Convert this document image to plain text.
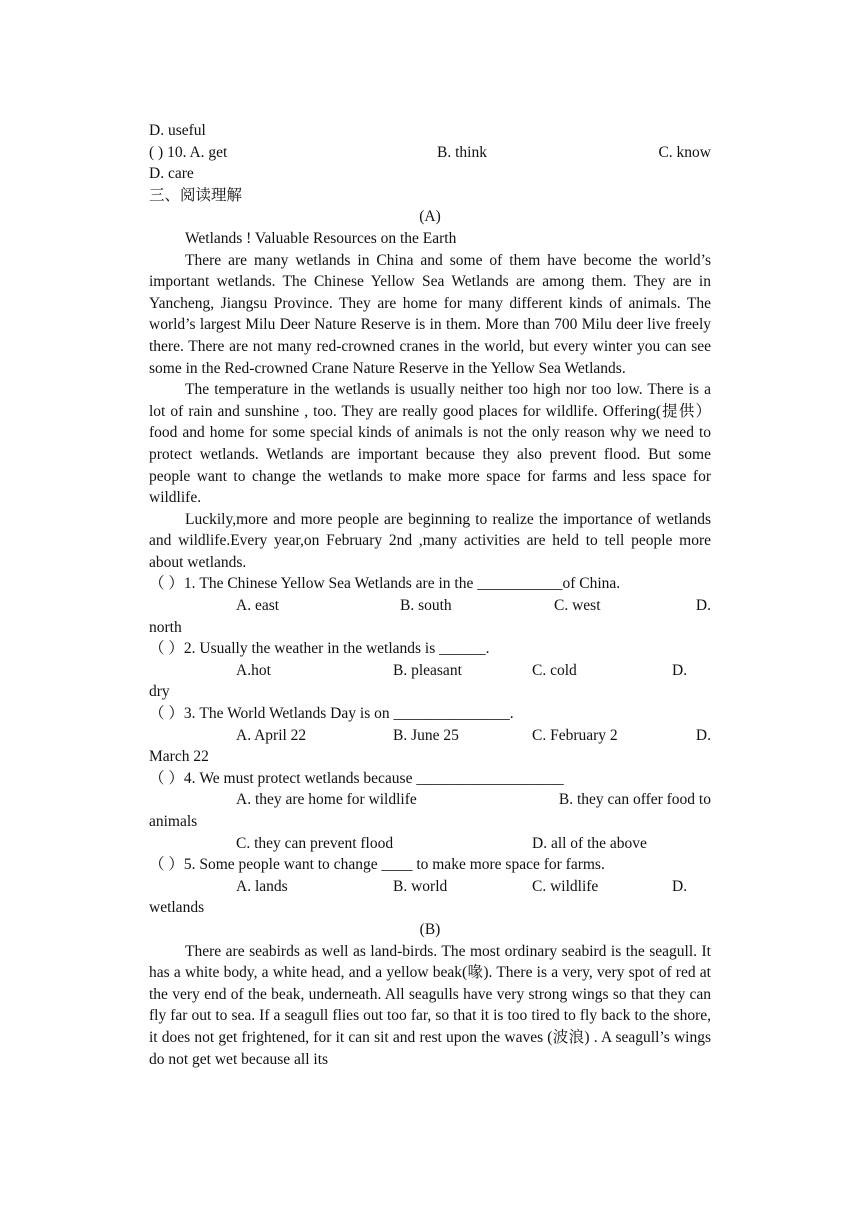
D. useful
( ) 10. A. get	B. think	C. know
D. care
三、阅读理解
(A)
Wetlands ! Valuable Resources on the Earth
There are many wetlands in China and some of them have become the world’s important wetlands. The Chinese Yellow Sea Wetlands are among them. They are in Yancheng, Jiangsu Province. They are home for many different kinds of animals. The world’s largest Milu Deer Nature Reserve is in them. More than 700 Milu deer live freely there. There are not many red-crowned cranes in the world, but every winter you can see some in the Red-crowned Crane Nature Reserve in the Yellow Sea Wetlands.
The temperature in the wetlands is usually neither too high nor too low. There is a lot of rain and sunshine , too. They are really good places for wildlife. Offering(提供）food and home for some special kinds of animals is not the only reason why we need to protect wetlands. Wetlands are important because they also prevent flood. But some people want to change the wetlands to make more space for farms and less space for wildlife.
Luckily,more and more people are beginning to realize the importance of wetlands and wildlife.Every year,on February 2nd ,many activities are held to tell people more about wetlands.
（ ）1. The Chinese Yellow Sea Wetlands are in the ___________of China.
A. east	B. south	C. west	D.
north
（ ）2. Usually the weather in the wetlands is ______.
A.hot	B. pleasant	C. cold	D.
dry
（ ）3. The World Wetlands Day is on _______________.
A. April 22	B. June 25	C. February 2	D.
March 22
（ ）4. We must protect wetlands because ___________________
A. they are home for wildlife	B. they can offer food to
animals
C. they can prevent flood	D. all of the above
（ ）5. Some people want to change ____ to make more space for farms.
A. lands	B. world	C. wildlife	D.
wetlands
(B)
There are seabirds as well as land-birds. The most ordinary seabird is the seagull. It has a white body, a white head, and a yellow beak(喙). There is a very, very spot of red at the very end of the beak, underneath. All seagulls have very strong wings so that they can fly far out to sea. If a seagull flies out too far, so that it is too tired to fly back to the shore, it does not get frightened, for it can sit and rest upon the waves (波浪) . A seagull’s wings do not get wet because all its
